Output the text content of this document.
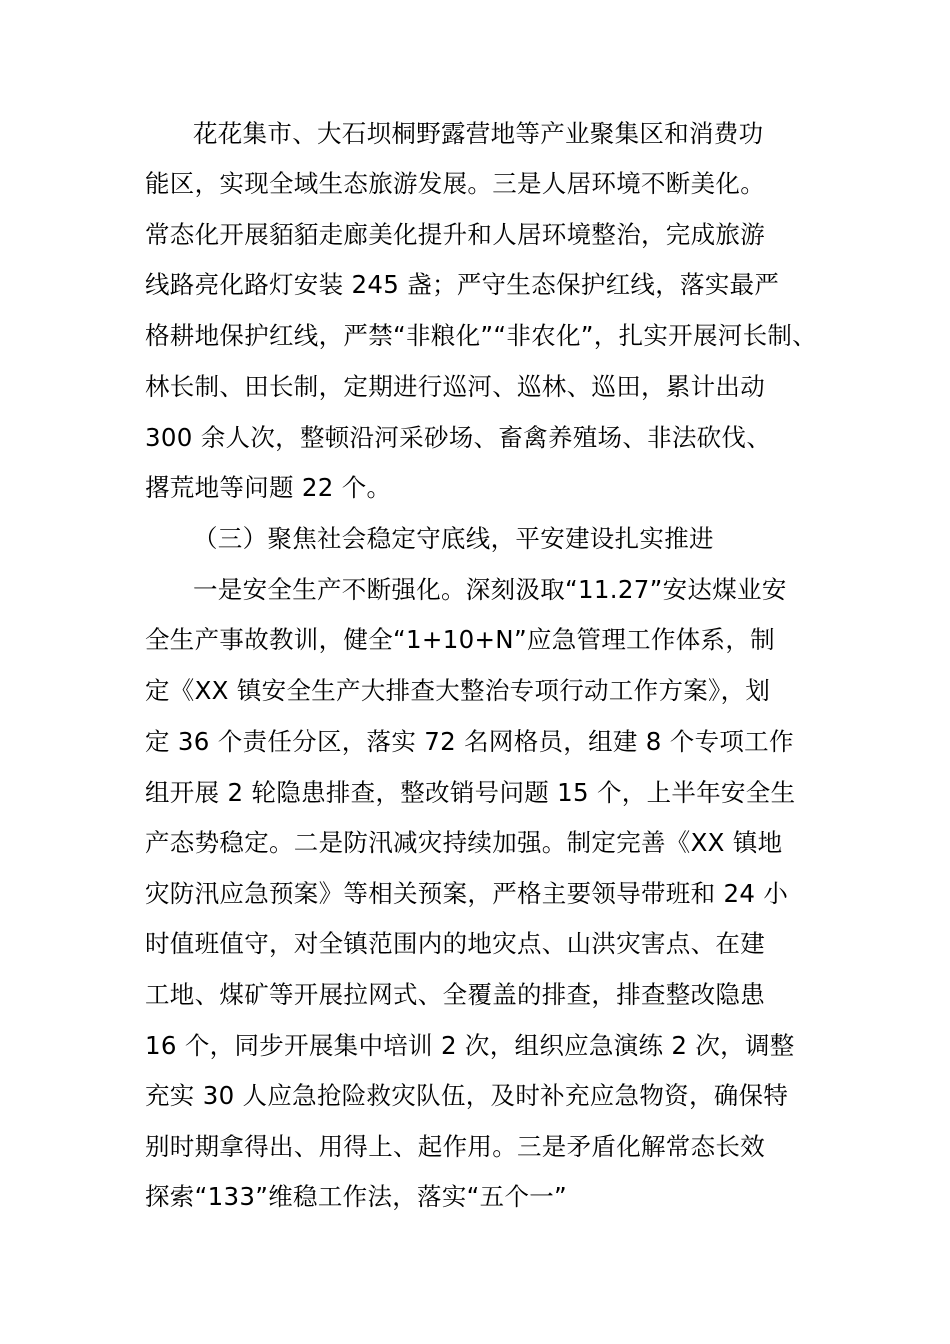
花花集市、大石坝桐野露营地等产业聚集区和消费功
能区，实现全域生态旅游发展。三是人居环境不断美化。
常态化开展貊貊走廊美化提升和人居环境整治，完成旅游
线路亮化路灯安装 245 盏；严守生态保护红线，落实最严
格耕地保护红线，严禁“非粮化”“非农化”，扎实开展河长制、
林长制、田长制，定期进行巡河、巡林、巡田，累计出动
300 余人次，整顿沿河采砂场、畜禽养殖场、非法砍伐、
撂荒地等问题 22 个。
（三）聚焦社会稳定守底线，平安建设扎实推进
一是安全生产不断强化。深刻汲取“11.27”安达煤业安
全生产事故教训，健全“1+10+N”应急管理工作体系，制
定《XX 镇安全生产大排查大整治专项行动工作方案》，划
定 36 个责任分区，落实 72 名网格员，组建 8 个专项工作
组开展 2 轮隐患排查，整改销号问题 15 个，上半年安全生
产态势稳定。二是防汛减灾持续加强。制定完善《XX 镇地
灾防汛应急预案》等相关预案，严格主要领导带班和 24 小
时值班值守，对全镇范围内的地灾点、山洪灾害点、在建
工地、煤矿等开展拉网式、全覆盖的排查，排查整改隐患
16 个，同步开展集中培训 2 次，组织应急演练 2 次，调整
充实 30 人应急抢险救灾队伍，及时补充应急物资，确保特
别时期拿得出、用得上、起作用。三是矛盾化解常态长效
探索“133”维稳工作法，落实“五个一”
